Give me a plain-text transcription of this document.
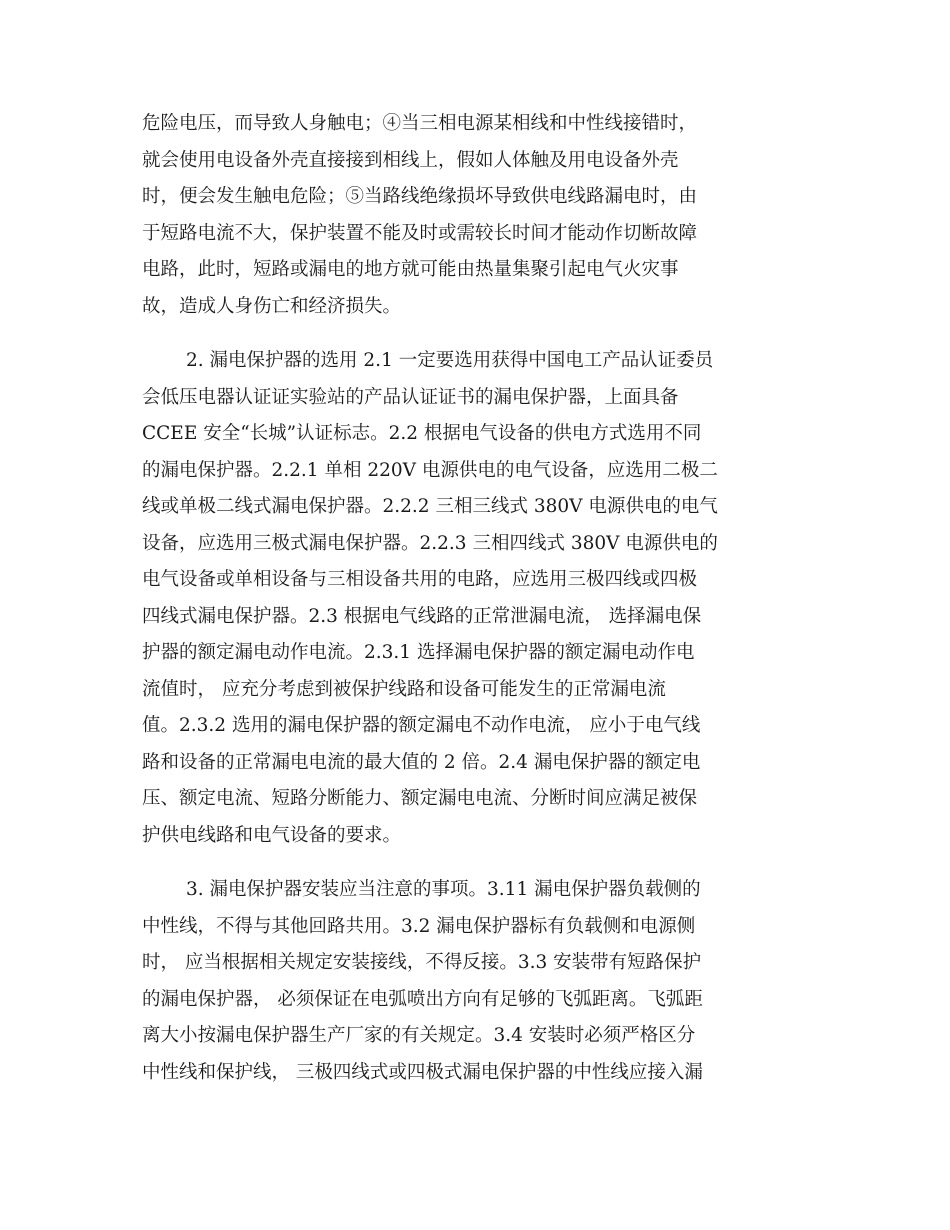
危险电压，而导致人身触电；④当三相电源某相线和中性线接错时，
就会使用电设备外壳直接接到相线上，假如人体触及用电设备外壳
时，便会发生触电危险；⑤当路线绝缘损坏导致供电线路漏电时，由
于短路电流不大，保护装置不能及时或需较长时间才能动作切断故障
电路，此时，短路或漏电的地方就可能由热量集聚引起电气火灾事
故，造成人身伤亡和经济损失。
2. 漏电保护器的选用 2.1 一定要选用获得中国电工产品认证委员
会低压电器认证证实验站的产品认证证书的漏电保护器，上面具备
CCEE 安全“长城”认证标志。2.2 根据电气设备的供电方式选用不同
的漏电保护器。2.2.1 单相 220V 电源供电的电气设备，应选用二极二
线或单极二线式漏电保护器。2.2.2 三相三线式 380V 电源供电的电气
设备，应选用三极式漏电保护器。2.2.3 三相四线式 380V 电源供电的
电气设备或单相设备与三相设备共用的电路，应选用三极四线或四极
四线式漏电保护器。2.3 根据电气线路的正常泄漏电流， 选择漏电保
护器的额定漏电动作电流。2.3.1 选择漏电保护器的额定漏电动作电
流值时， 应充分考虑到被保护线路和设备可能发生的正常漏电流
值。2.3.2 选用的漏电保护器的额定漏电不动作电流， 应小于电气线
路和设备的正常漏电电流的最大值的 2 倍。2.4 漏电保护器的额定电
压、额定电流、短路分断能力、额定漏电电流、分断时间应满足被保
护供电线路和电气设备的要求。
3. 漏电保护器安装应当注意的事项。3.11 漏电保护器负载侧的
中性线，不得与其他回路共用。3.2 漏电保护器标有负载侧和电源侧
时， 应当根据相关规定安装接线，不得反接。3.3 安装带有短路保护
的漏电保护器， 必须保证在电弧喷出方向有足够的飞弧距离。飞弧距
离大小按漏电保护器生产厂家的有关规定。3.4 安装时必须严格区分
中性线和保护线， 三极四线式或四极式漏电保护器的中性线应接入漏
